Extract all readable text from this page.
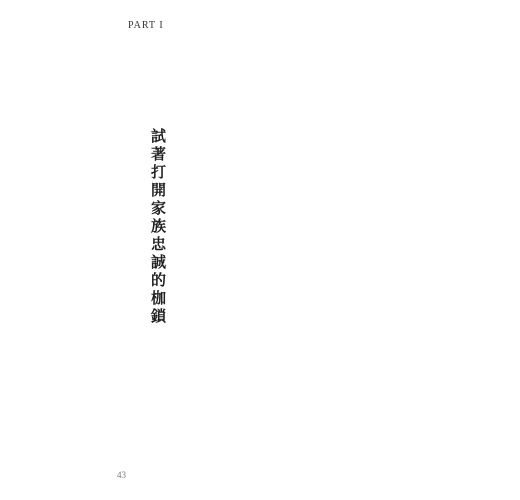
PART I
試著打開家族忠誠的枷鎖

43
